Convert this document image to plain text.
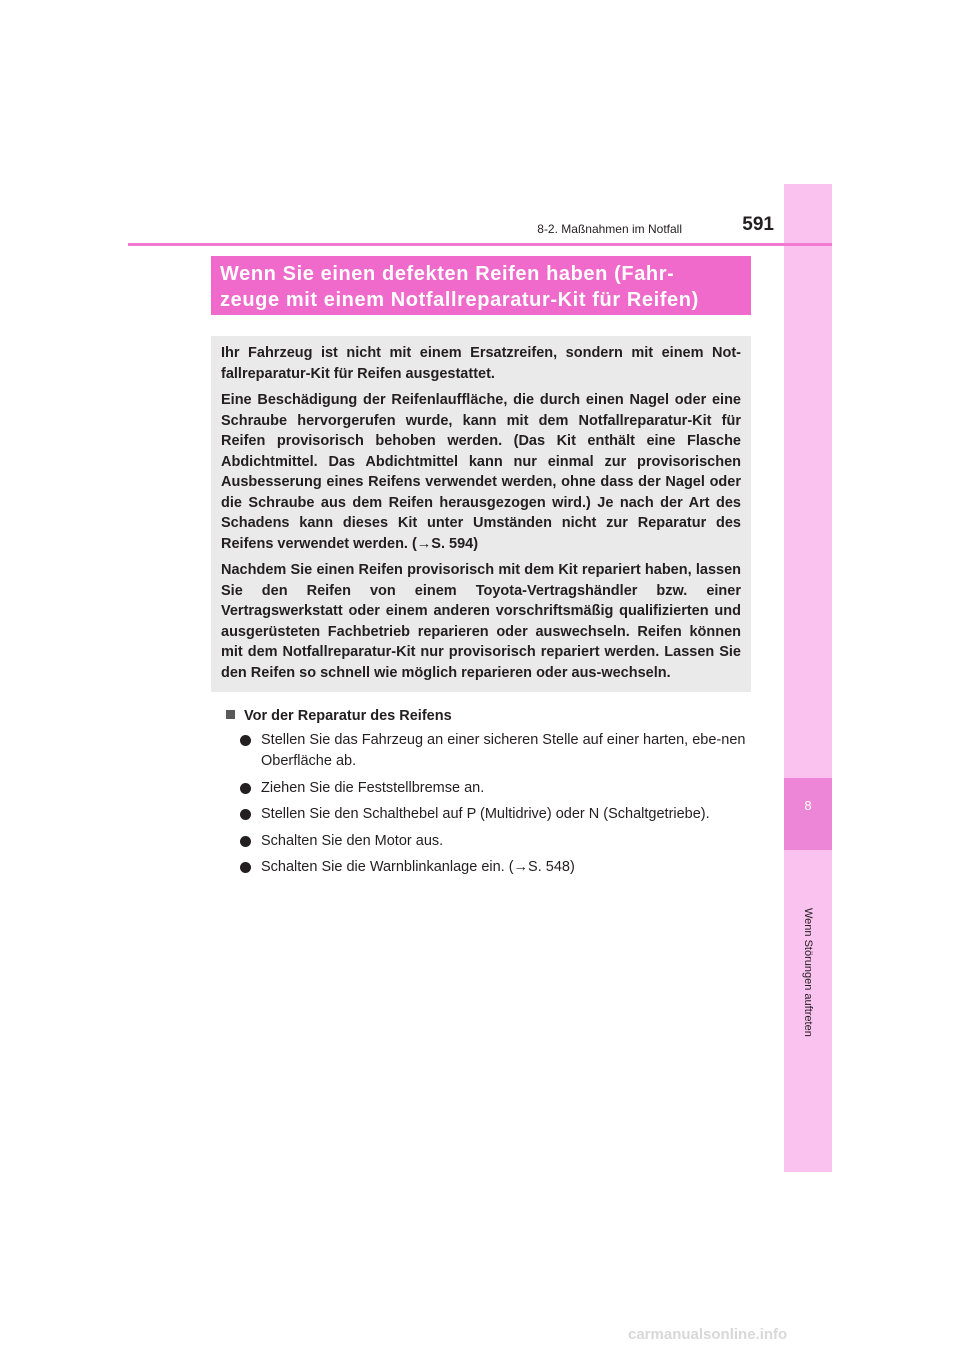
8
Wenn Störungen auftreten
8-2. Maßnahmen im Notfall	591
Wenn Sie einen defekten Reifen haben (Fahr-
zeuge mit einem Notfallreparatur-Kit für Reifen)

Ihr Fahrzeug ist nicht mit einem Ersatzreifen, sondern mit einem Not-fallreparatur-Kit für Reifen ausgestattet.

Eine Beschädigung der Reifenlauffläche, die durch einen Nagel oder eine Schraube hervorgerufen wurde, kann mit dem Notfallreparatur-Kit für Reifen provisorisch behoben werden. (Das Kit enthält eine Flasche Abdichtmittel. Das Abdichtmittel kann nur einmal zur provisorischen Ausbesserung eines Reifens verwendet werden, ohne dass der Nagel oder die Schraube aus dem Reifen herausgezogen wird.) Je nach der Art des Schadens kann dieses Kit unter Umständen nicht zur Reparatur des Reifens verwendet werden. (→S. 594)

Nachdem Sie einen Reifen provisorisch mit dem Kit repariert haben, lassen Sie den Reifen von einem Toyota-Vertragshändler bzw. einer Vertragswerkstatt oder einem anderen vorschriftsmäßig qualifizierten und ausgerüsteten Fachbetrieb reparieren oder auswechseln. Reifen können mit dem Notfallreparatur-Kit nur provisorisch repariert werden. Lassen Sie den Reifen so schnell wie möglich reparieren oder aus-wechseln.

Vor der Reparatur des Reifens
Stellen Sie das Fahrzeug an einer sicheren Stelle auf einer harten, ebe-nen Oberfläche ab.
Ziehen Sie die Feststellbremse an.
Stellen Sie den Schalthebel auf P (Multidrive) oder N (Schaltgetriebe).
Schalten Sie den Motor aus.
Schalten Sie die Warnblinkanlage ein. (→S. 548)
carmanualsonline.info
